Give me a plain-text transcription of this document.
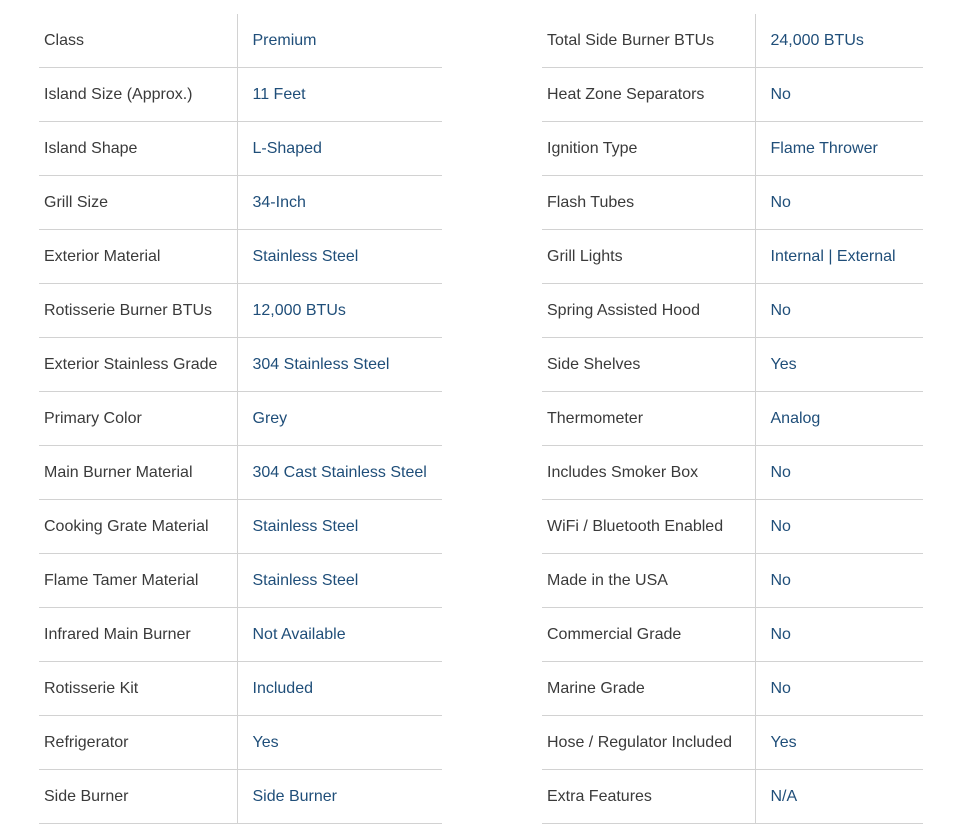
Class	Premium
Island Size (Approx.)	11 Feet
Island Shape	L-Shaped
Grill Size	34-Inch
Exterior Material	Stainless Steel
Rotisserie Burner BTUs	12,000 BTUs
Exterior Stainless Grade	304 Stainless Steel
Primary Color	Grey
Main Burner Material	304 Cast Stainless Steel
Cooking Grate Material	Stainless Steel
Flame Tamer Material	Stainless Steel
Infrared Main Burner	Not Available
Rotisserie Kit	Included
Refrigerator	Yes
Side Burner	Side Burner
Total Side Burner BTUs	24,000 BTUs
Heat Zone Separators	No
Ignition Type	Flame Thrower
Flash Tubes	No
Grill Lights	Internal | External
Spring Assisted Hood	No
Side Shelves	Yes
Thermometer	Analog
Includes Smoker Box	No
WiFi / Bluetooth Enabled	No
Made in the USA	No
Commercial Grade	No
Marine Grade	No
Hose / Regulator Included	Yes
Extra Features	N/A
